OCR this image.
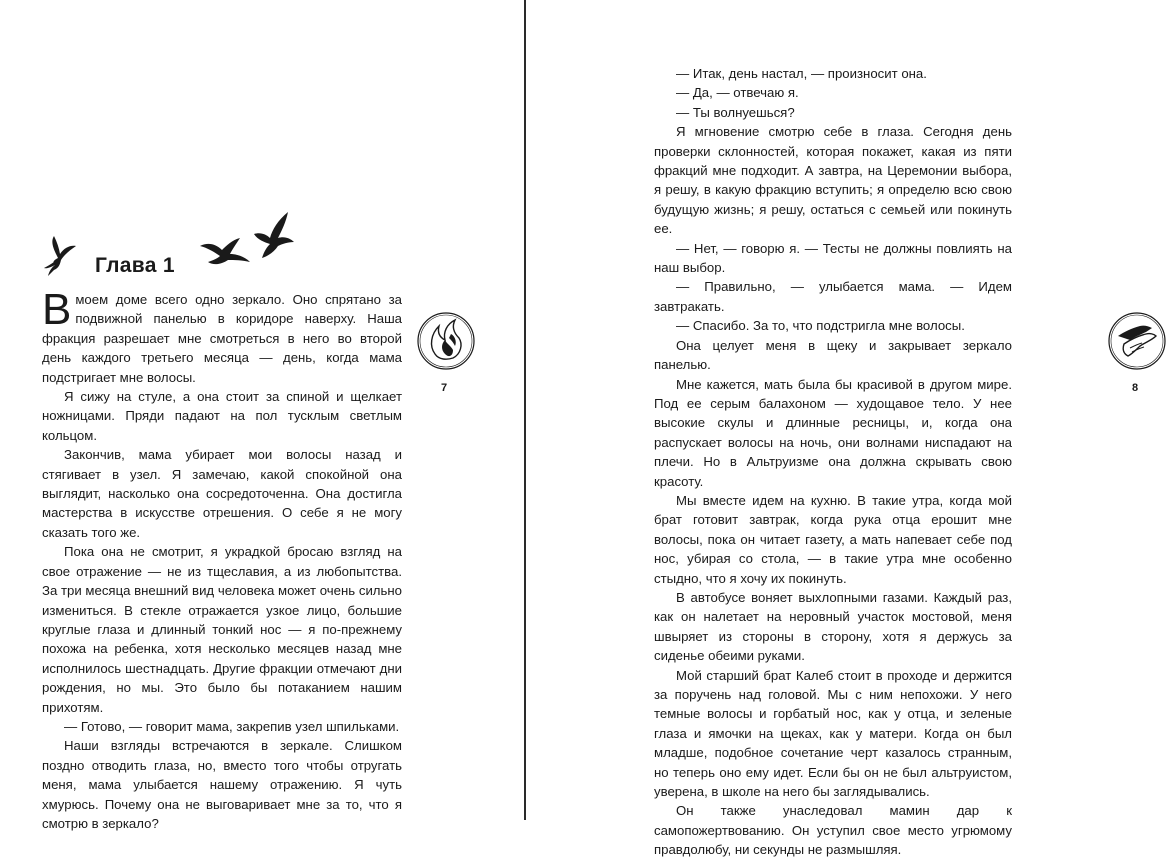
Глава 1

Вмоем доме всего одно зеркало. Оно спрятано за подвижной панелью в коридоре наверху. Наша фракция разрешает мне смотреться в него во второй день каждого третьего месяца — день, когда мама подстригает мне волосы.

Я сижу на стуле, а она стоит за спиной и щелкает ножницами. Пряди падают на пол тусклым светлым кольцом.

Закончив, мама убирает мои волосы назад и стягивает в узел. Я замечаю, какой спокойной она выглядит, насколько она сосредоточенна. Она достигла мастерства в искусстве отрешения. О себе я не могу сказать того же.

Пока она не смотрит, я украдкой бросаю взгляд на свое отражение — не из тщеславия, а из любопытства. За три месяца внешний вид человека может очень сильно измениться. В стекле отражается узкое лицо, большие круглые глаза и длинный тонкий нос — я по-прежнему похожа на ребенка, хотя несколько месяцев назад мне исполнилось шестнадцать. Другие фракции отмечают дни рождения, но мы. Это было бы потаканием нашим прихотям.

— Готово, — говорит мама, закрепив узел шпильками.

Наши взгляды встречаются в зеркале. Слишком поздно отводить глаза, но, вместо того чтобы отругать меня, мама улыбается нашему отражению. Я чуть хмурюсь. Почему она не выговаривает мне за то, что я смотрю в зеркало?

7	8

— Итак, день настал, — произносит она.

— Да, — отвечаю я.

— Ты волнуешься?

Я мгновение смотрю себе в глаза. Сегодня день проверки склонностей, которая покажет, какая из пяти фракций мне подходит. А завтра, на Церемонии выбора, я решу, в какую фракцию вступить; я определю всю свою будущую жизнь; я решу, остаться с семьей или покинуть ее.

— Нет, — говорю я. — Тесты не должны повлиять на наш выбор.

— Правильно, — улыбается мама. — Идем завтракать.

— Спасибо. За то, что подстригла мне волосы.

Она целует меня в щеку и закрывает зеркало панелью.

Мне кажется, мать была бы красивой в другом мире. Под ее серым балахоном — худощавое тело. У нее высокие скулы и длинные ресницы, и, когда она распускает волосы на ночь, они волнами ниспадают на плечи. Но в Альтруизме она должна скрывать свою красоту.

Мы вместе идем на кухню. В такие утра, когда мой брат готовит завтрак, когда рука отца ерошит мне волосы, пока он читает газету, а мать напевает себе под нос, убирая со стола, — в такие утра мне особенно стыдно, что я хочу их покинуть.

В автобусе воняет выхлопными газами. Каждый раз, как он налетает на неровный участок мостовой, меня швыряет из стороны в сторону, хотя я держусь за сиденье обеими руками.

Мой старший брат Калеб стоит в проходе и держится за поручень над головой. Мы с ним непохожи. У него темные волосы и горбатый нос, как у отца, и зеленые глаза и ямочки на щеках, как у матери. Когда он был младше, подобное сочетание черт казалось странным, но теперь оно ему идет. Если бы он не был альтруистом, уверена, в школе на него бы заглядывались.

Он также унаследовал мамин дар к самопожертвованию. Он уступил свое место угрюмому правдолюбу, ни секунды не размышляя.
